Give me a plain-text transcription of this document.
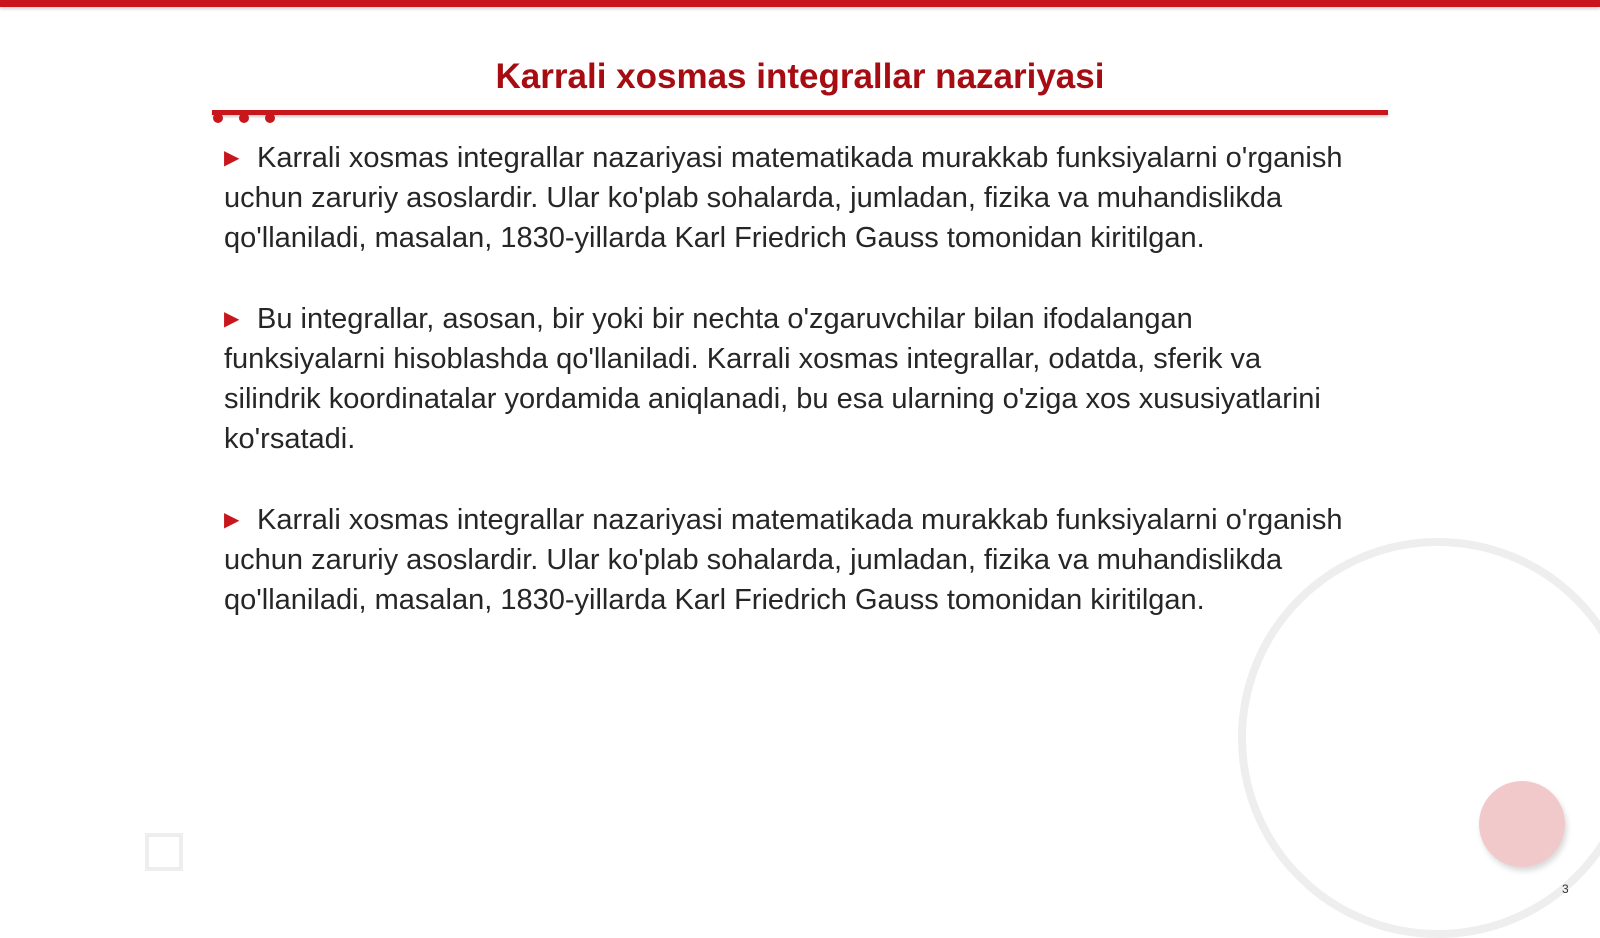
Karrali xosmas integrallar nazariyasi

▶ Karrali xosmas integrallar nazariyasi matematikada murakkab funksiyalarni o'rganish uchun zaruriy asoslardir. Ular ko'plab sohalarda, jumladan, fizika va muhandislikda qo'llaniladi, masalan, 1830-yillarda Karl Friedrich Gauss tomonidan kiritilgan.

▶ Bu integrallar, asosan, bir yoki bir nechta o'zgaruvchilar bilan ifodalangan funksiyalarni hisoblashda qo'llaniladi. Karrali xosmas integrallar, odatda, sferik va silindrik koordinatalar yordamida aniqlanadi, bu esa ularning o'ziga xos xususiyatlarini ko'rsatadi.

▶ Karrali xosmas integrallar nazariyasi matematikada murakkab funksiyalarni o'rganish uchun zaruriy asoslardir. Ular ko'plab sohalarda, jumladan, fizika va muhandislikda qo'llaniladi, masalan, 1830-yillarda Karl Friedrich Gauss tomonidan kiritilgan.

3
